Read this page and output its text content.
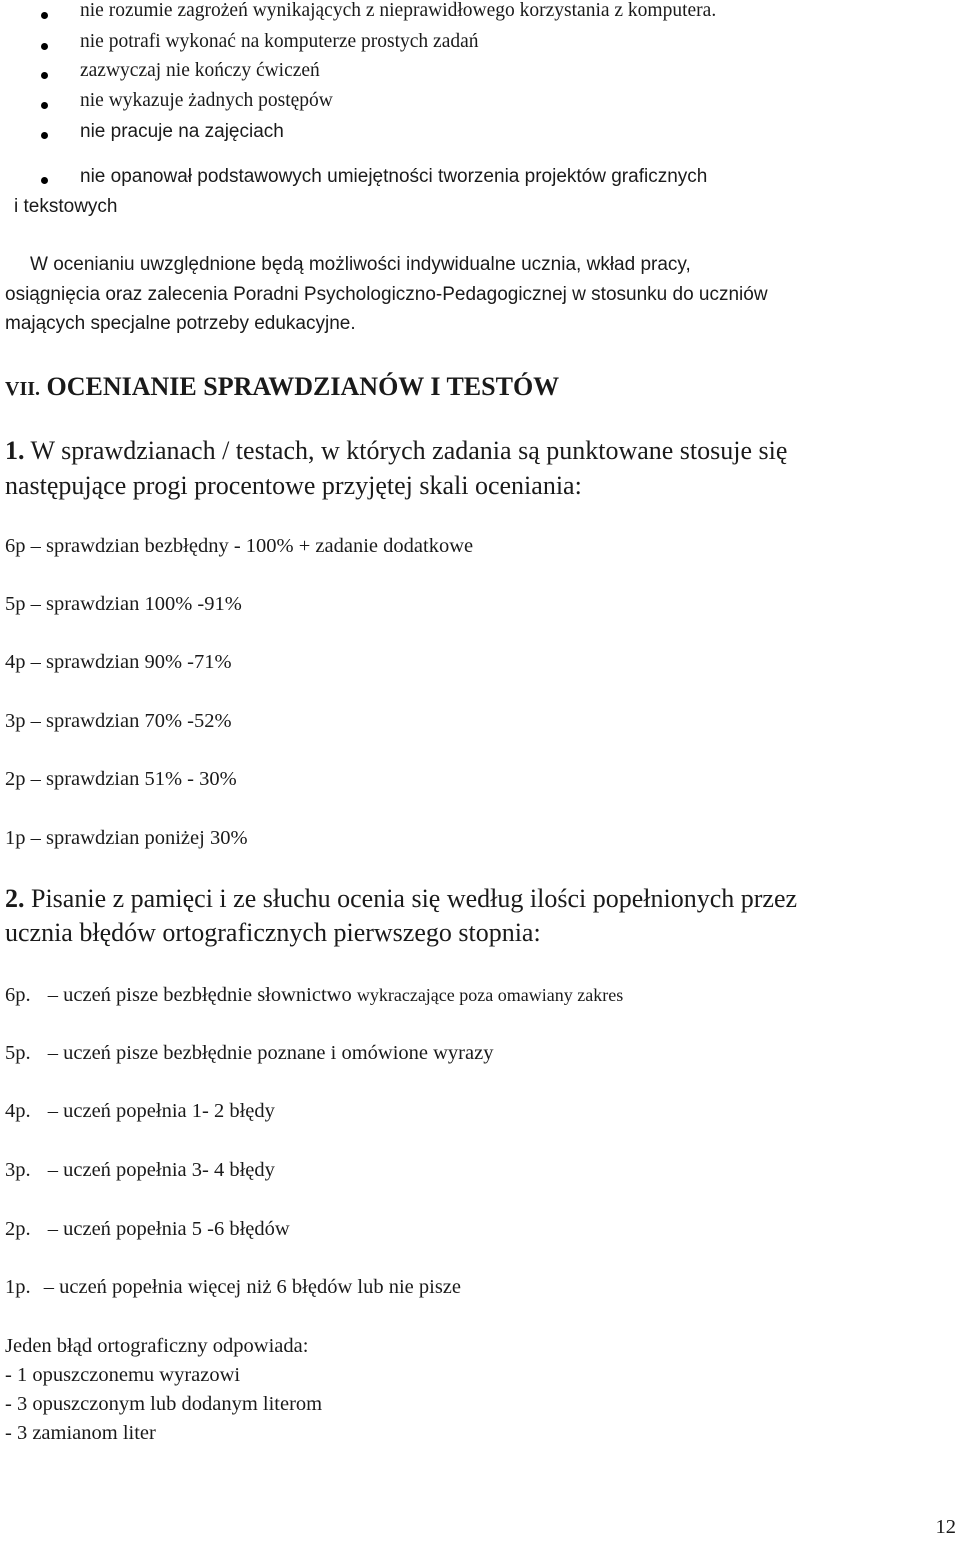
nie rozumie zagrożeń wynikających z nieprawidłowego korzystania z komputera.
nie potrafi wykonać na komputerze prostych zadań
zazwyczaj nie kończy ćwiczeń
nie wykazuje żadnych postępów
nie pracuje na zajęciach
nie opanował podstawowych umiejętności tworzenia projektów graficznych
i tekstowych
W ocenianiu uwzględnione będą możliwości indywidualne ucznia, wkład pracy,
osiągnięcia oraz zalecenia Poradni Psychologiczno-Pedagogicznej w stosunku do uczniów
mających specjalne potrzeby edukacyjne.
VII. OCENIANIE SPRAWDZIANÓW I TESTÓW
1. W sprawdzianach / testach, w których zadania są punktowane stosuje się
następujące progi procentowe przyjętej skali oceniania:
6p – sprawdzian bezbłędny - 100% + zadanie dodatkowe
5p – sprawdzian 100% -91%
4p – sprawdzian 90% -71%
3p – sprawdzian 70% -52%
2p – sprawdzian 51% - 30%
1p – sprawdzian poniżej 30%
2. Pisanie z pamięci i ze słuchu ocenia się według ilości popełnionych przez
ucznia błędów ortograficznych pierwszego stopnia:
6p. – uczeń pisze bezbłędnie słownictwo wykraczające poza omawiany zakres
5p. – uczeń pisze bezbłędnie poznane i omówione wyrazy
4p. – uczeń popełnia 1- 2 błędy
3p. – uczeń popełnia 3- 4 błędy
2p. – uczeń popełnia 5 -6 błędów
1p. – uczeń popełnia więcej niż 6 błędów lub nie pisze
Jeden błąd ortograficzny odpowiada:
- 1 opuszczonemu wyrazowi
- 3 opuszczonym lub dodanym literom
- 3 zamianom liter
12
